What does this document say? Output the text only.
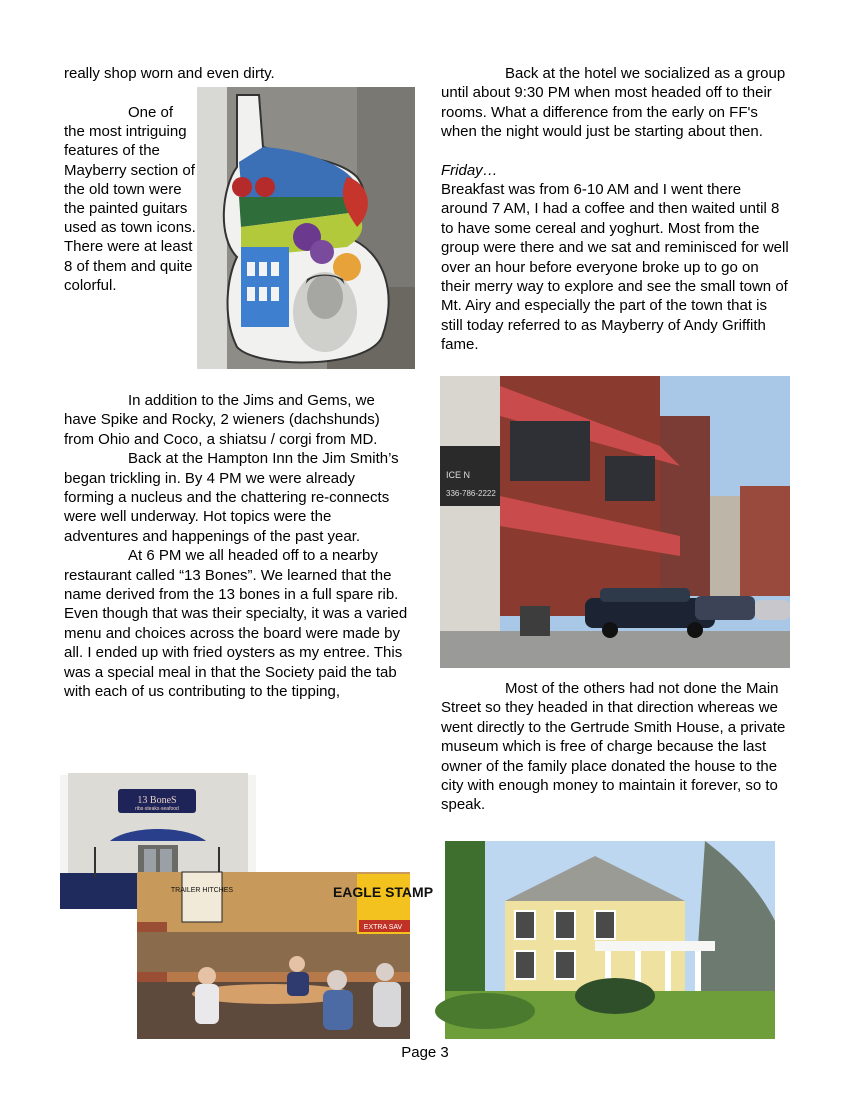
really shop worn and even dirty.

One of the most intriguing features of the Mayberry section of the old town were the painted guitars used as town icons. There were at least 8 of them and quite colorful.

In addition to the Jims and Gems, we have Spike and Rocky, 2 wieners (dachshunds) from Ohio and Coco, a shiatsu / corgi from MD.

Back at the Hampton Inn the Jim Smith’s began trickling in. By 4 PM we were already forming a nucleus and the chattering re-connects were well underway. Hot topics were the adventures and happenings of the past year.

At 6 PM we all headed off to a nearby restaurant called “13 Bones”. We learned that the name derived from the 13 bones in a full spare rib. Even though that was their specialty, it was a varied menu and choices across the board were made by all. I ended up with fried oysters as my entree. This was a special meal in that the Society paid the tab with each of us contributing to the tipping,

13 BoneS
ribs·steaks·seafood
TRAILER HITCHES	EAGLE STAMP
EXTRA SAV

Back at the hotel we socialized as a group until about 9:30 PM when most headed off to their rooms. What a difference from the early on FF's when the night would just be starting about then.

Friday…

Breakfast was from 6-10 AM and I went there around 7 AM, I had a coffee and then waited until 8 to have some cereal and yoghurt. Most from the group were there and we sat and reminisced for well over an hour before everyone broke up to go on their merry way to explore and see the small town of Mt. Airy and especially the part of the town that is still today referred to as Mayberry of Andy Griffith fame.

ICE N
336-786-2222

Most of the others had not done the Main Street so they headed in that direction whereas we went directly to the Gertrude Smith House, a private museum which is free of charge because the last owner of the family place donated the house to the city with enough money to maintain it forever, so to speak.

Page 3
